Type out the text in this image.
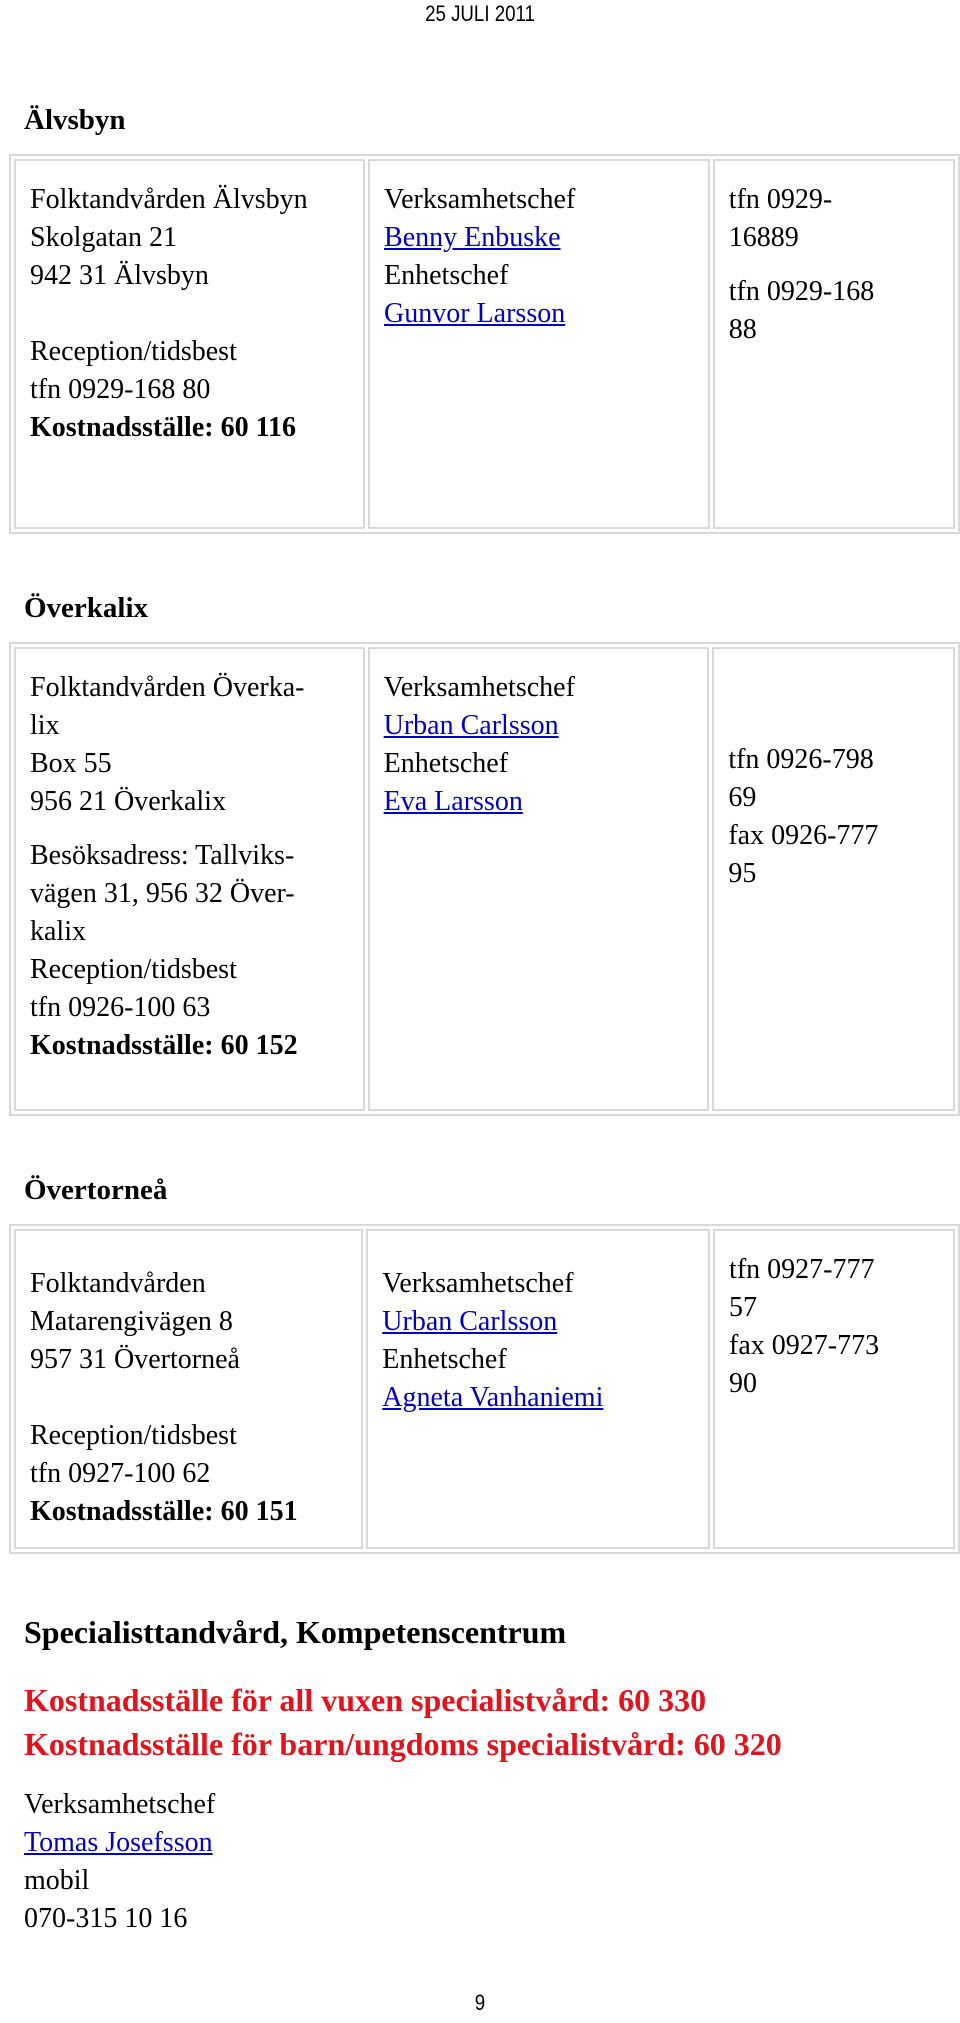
25 JULI 2011
Älvsbyn
Folktandvården Älvsbyn
Skolgatan 21
942 31 Älvsbyn
Reception/tidsbest
tfn 0929-168 80
Kostnadsställe: 60 116

Verksamhetschef
Benny Enbuske
Enhetschef
Gunvor Larsson

tfn 0929-
16889
tfn 0929-168
88
Överkalix
Folktandvården Överka-
lix
Box 55
956 21 Överkalix
Besöksadress: Tallviks-
vägen 31, 956 32 Över-
kalix
Reception/tidsbest
tfn 0926-100 63
Kostnadsställe: 60 152

Verksamhetschef
Urban Carlsson
Enhetschef
Eva Larsson

tfn 0926-798
69
fax 0926-777
95
Övertorneå
Folktandvården
Matarengivägen 8
957 31 Övertorneå
Reception/tidsbest
tfn 0927-100 62
Kostnadsställe: 60 151

Verksamhetschef
Urban Carlsson
Enhetschef
Agneta Vanhaniemi

tfn 0927-777
57
fax 0927-773
90
Specialisttandvård, Kompetenscentrum
Kostnadsställe för all vuxen specialistvård: 60 330
Kostnadsställe för barn/ungdoms specialistvård: 60 320
Verksamhetschef
Tomas Josefsson
mobil
070-315 10 16
9
